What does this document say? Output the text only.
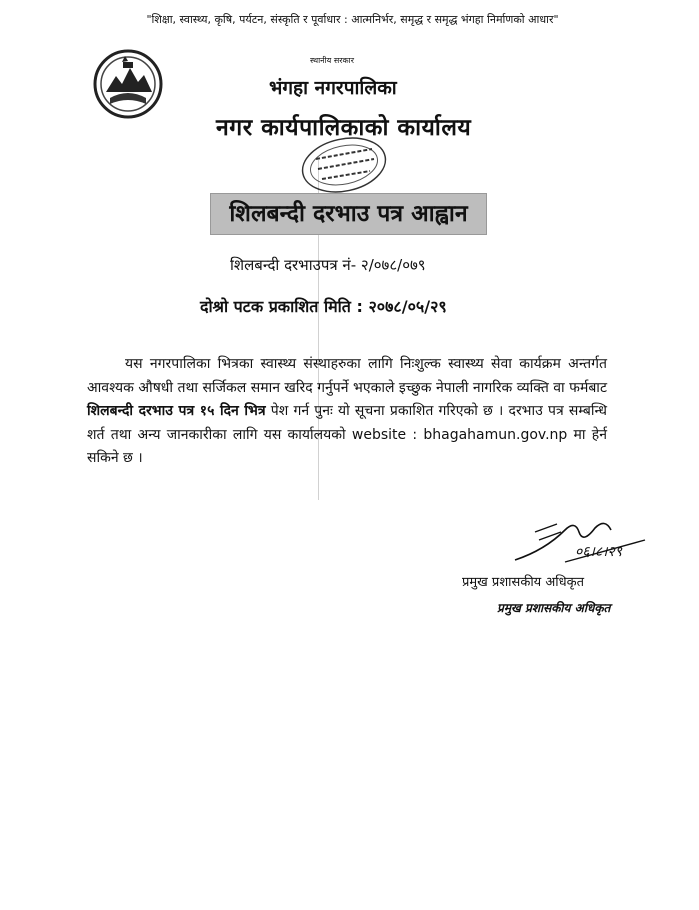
"शिक्षा, स्वास्थ्य, कृषि, पर्यटन, संस्कृति र पूर्वाधार : आत्मनिर्भर, समृद्ध र समृद्ध भंगहा निर्माणको आधार"
स्थानीय सरकार
भंगहा नगरपालिका
नगर कार्यपालिकाको कार्यालय
शिलबन्दी दरभाउ पत्र आह्वान
शिलबन्दी दरभाउपत्र नं- २/०७८/०७९
दोश्रो पटक प्रकाशित मिति : २०७८/०५/२९

यस नगरपालिका भित्रका स्वास्थ्य संस्थाहरुका लागि निःशुल्क स्वास्थ्य सेवा कार्यक्रम अन्तर्गत आवश्यक औषधी तथा सर्जिकल समान खरिद गर्नुपर्ने भएकाले इच्छुक नेपाली नागरिक व्यक्ति वा फर्मबाट शिलबन्दी दरभाउ पत्र १५ दिन भित्र पेश गर्न पुनः यो सूचना प्रकाशित गरिएको छ । दरभाउ पत्र सम्बन्धि शर्त तथा अन्य जानकारीका लागि यस कार्यालयको website : bhagahamun.gov.np मा हेर्न सकिने छ ।

०६।८।२९
प्रमुख प्रशासकीय अधिकृत
प्रमुख प्रशासकीय अधिकृत
